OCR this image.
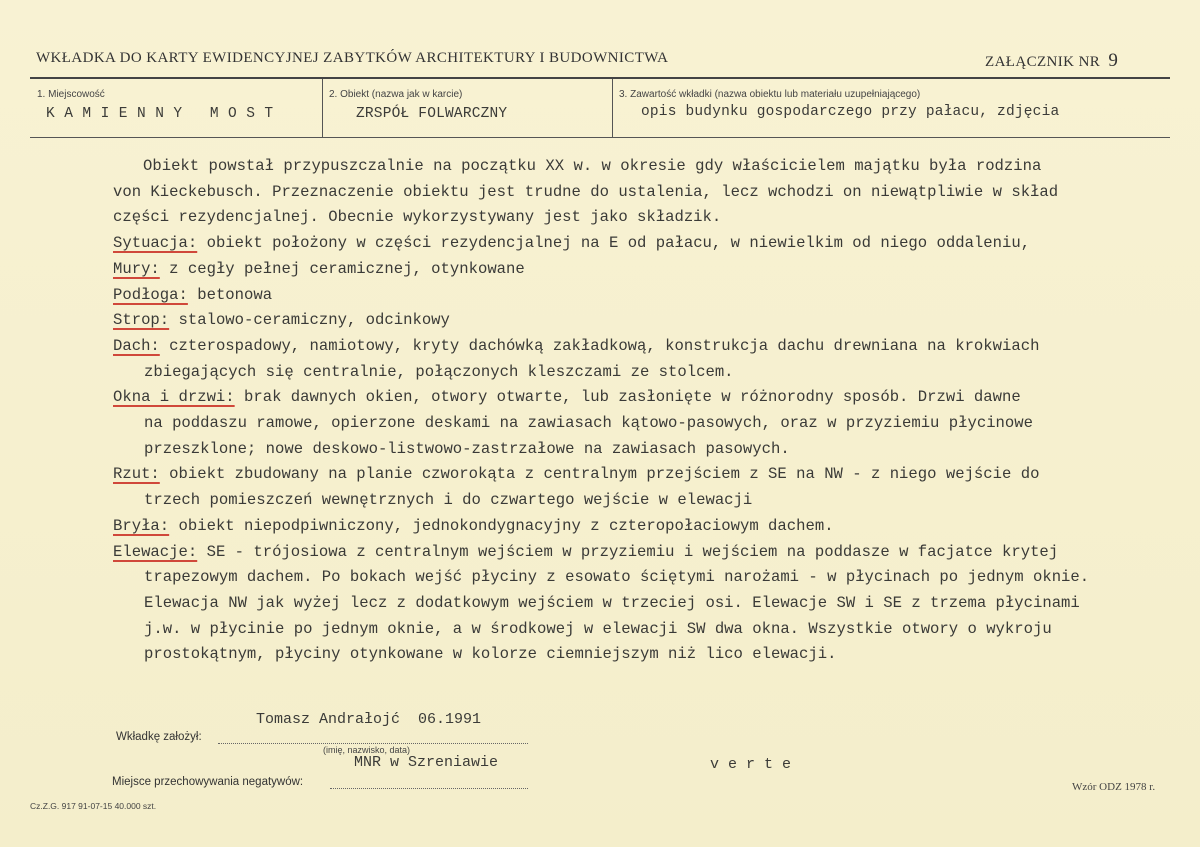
WKŁADKA DO KARTY EWIDENCYJNEJ ZABYTKÓW ARCHITEKTURY I BUDOWNICTWA	ZAŁĄCZNIK NR 9
1. Miejscowość
K A M I E N N Y   M O S T
2. Obiekt (nazwa jak w karcie)
ZRSPÓŁ FOLWARCZNY
3. Zawartość wkładki (nazwa obiektu lub materiału uzupełniającego)
opis budynku gospodarczego przy pałacu, zdjęcia
Obiekt powstał przypuszczalnie na początku XX w. w okresie gdy właścicielem majątku była rodzina
von Kieckebusch. Przeznaczenie obiektu jest trudne do ustalenia, lecz wchodzi on niewątpliwie w skład
części rezydencjalnej. Obecnie wykorzystywany jest jako składzik.
Sytuacja: obiekt położony w części rezydencjalnej na E od pałacu, w niewielkim od niego oddaleniu,
Mury: z cegły pełnej ceramicznej, otynkowane
Podłoga: betonowa
Strop: stalowo-ceramiczny, odcinkowy
Dach: czterospadowy, namiotowy, kryty dachówką zakładkową, konstrukcja dachu drewniana na krokwiach
zbiegających się centralnie, połączonych kleszczami ze stolcem.
Okna i drzwi: brak dawnych okien, otwory otwarte, lub zasłonięte w różnorodny sposób. Drzwi dawne
na poddaszu ramowe, opierzone deskami na zawiasach kątowo-pasowych, oraz w przyziemiu płycinowe
przeszklone; nowe deskowo-listwowo-zastrzałowe na zawiasach pasowych.
Rzut: obiekt zbudowany na planie czworokąta z centralnym przejściem z SE na NW - z niego wejście do
trzech pomieszczeń wewnętrznych i do czwartego wejście w elewacji
Bryła: obiekt niepodpiwniczony, jednokondygnacyjny z czteropołaciowym dachem.
Elewacje: SE - trójosiowa z centralnym wejściem w przyziemiu i wejściem na poddasze w facjatce krytej
trapezowym dachem. Po bokach wejść płyciny z esowato ściętymi narożami - w płycinach po jednym oknie.
Elewacja NW jak wyżej lecz z dodatkowym wejściem w trzeciej osi. Elewacje SW i SE z trzema płycinami
j.w. w płycinie po jednym oknie, a w środkowej w elewacji SW dwa okna. Wszystkie otwory o wykroju
prostokątnym, płyciny otynkowane w kolorze ciemniejszym niż lico elewacji.
Tomasz Andrałojć  06.1991
Wkładkę założył:
(imię, nazwisko, data)
Miejsce przechowywania negatywów:
MNR w Szreniawie	v e r t e
Cz.Z.G. 917 91-07-15 40.000 szt.
Wzór ODZ 1978 r.
